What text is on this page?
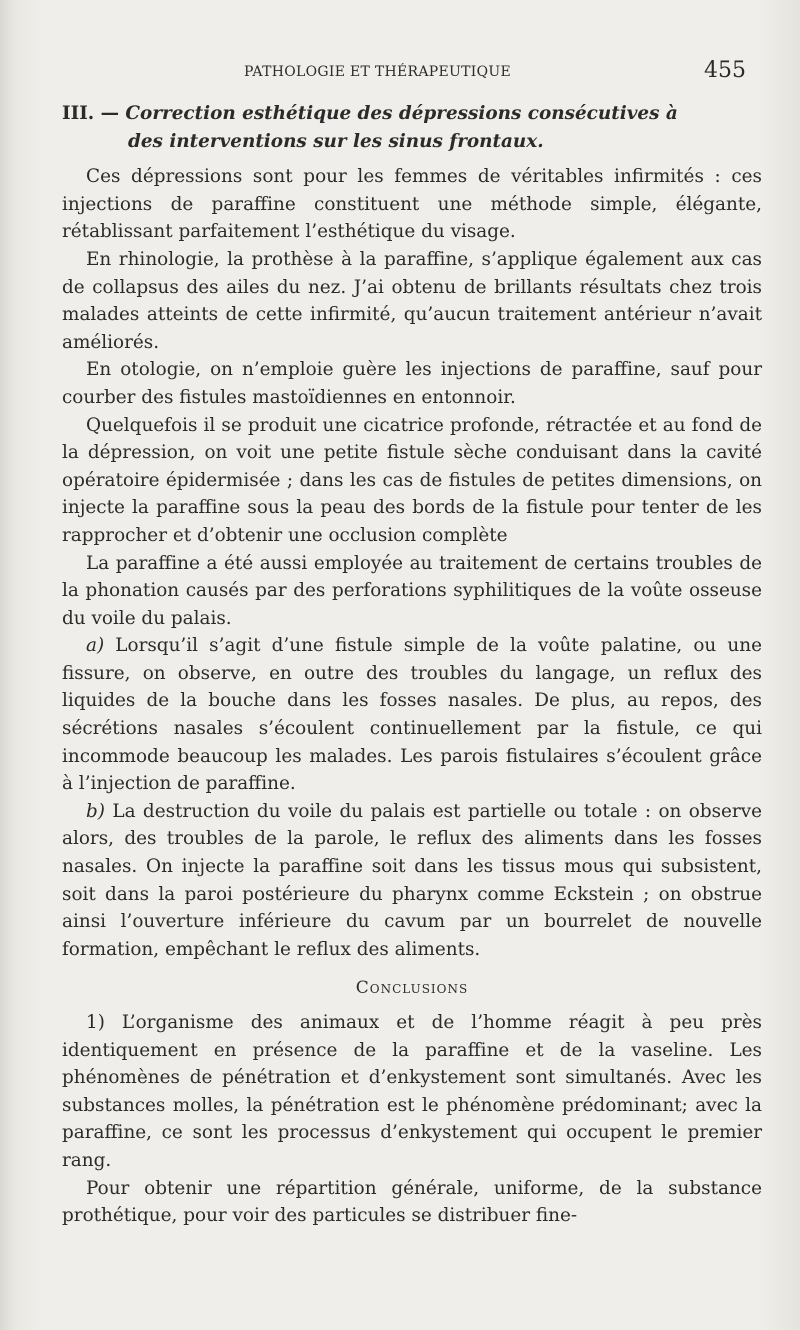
PATHOLOGIE ET THÉRAPEUTIQUE	455
III. — Correction esthétique des dépressions consécutives à
des interventions sur les sinus frontaux.

Ces dépressions sont pour les femmes de véritables infirmités : ces injections de paraffine constituent une méthode simple, élégante, rétablissant parfaitement l’esthétique du visage.

En rhinologie, la prothèse à la paraffine, s’applique également aux cas de collapsus des ailes du nez. J’ai obtenu de brillants résultats chez trois malades atteints de cette infirmité, qu’aucun traitement antérieur n’avait améliorés.

En otologie, on n’emploie guère les injections de paraffine, sauf pour courber des fistules mastoïdiennes en entonnoir.

Quelquefois il se produit une cicatrice profonde, rétractée et au fond de la dépression, on voit une petite fistule sèche conduisant dans la cavité opératoire épidermisée ; dans les cas de fistules de petites dimensions, on injecte la paraffine sous la peau des bords de la fistule pour tenter de les rapprocher et d’obtenir une occlusion complète

La paraffine a été aussi employée au traitement de certains troubles de la phonation causés par des perforations syphilitiques de la voûte osseuse du voile du palais.

a) Lorsqu’il s’agit d’une fistule simple de la voûte palatine, ou une fissure, on observe, en outre des troubles du langage, un reflux des liquides de la bouche dans les fosses nasales. De plus, au repos, des sécrétions nasales s’écoulent continuellement par la fistule, ce qui incommode beaucoup les malades. Les parois fistulaires s’écoulent grâce à l’injection de paraffine.

b) La destruction du voile du palais est partielle ou totale : on observe alors, des troubles de la parole, le reflux des aliments dans les fosses nasales. On injecte la paraffine soit dans les tissus mous qui subsistent, soit dans la paroi postérieure du pharynx comme Eckstein ; on obstrue ainsi l’ouverture inférieure du cavum par un bourrelet de nouvelle formation, empêchant le reflux des aliments.

Conclusions

1) L’organisme des animaux et de l’homme réagit à peu près identiquement en présence de la paraffine et de la vaseline. Les phénomènes de pénétration et d’enkystement sont simultanés. Avec les substances molles, la pénétration est le phénomène prédominant; avec la paraffine, ce sont les processus d’enkystement qui occupent le premier rang.

Pour obtenir une répartition générale, uniforme, de la substance prothétique, pour voir des particules se distribuer fine-
